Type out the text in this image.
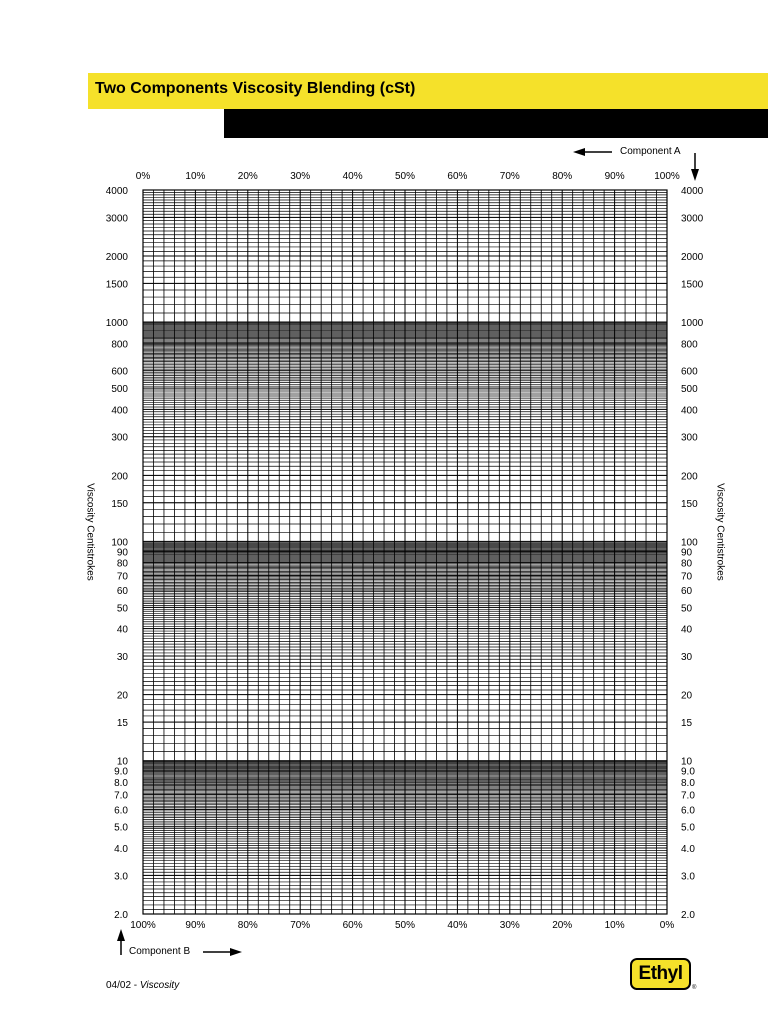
Two Components Viscosity Blending (cSt)
Component A
Component B
Viscosity Centistrokes	Viscosity Centistrokes
0%	10%	20%	30%	40%	50%	60%	70%	80%	90%	100%
100%	90%	80%	70%	60%	50%	40%	30%	20%	10%	0%
4000
3000
2000
1500
1000
800
600
500
400
300
200
150
100
90
80
70
60
50
40
30
20
15
10
9.0
8.0
7.0
6.0
5.0
4.0
3.0
2.0
4000
3000
2000
1500
1000
800
600
500
400
300
200
150
100
90
80
70
60
50
40
30
20
15
10
9.0
8.0
7.0
6.0
5.0
4.0
3.0
2.0
04/02 - Viscosity
Ethyl
®
